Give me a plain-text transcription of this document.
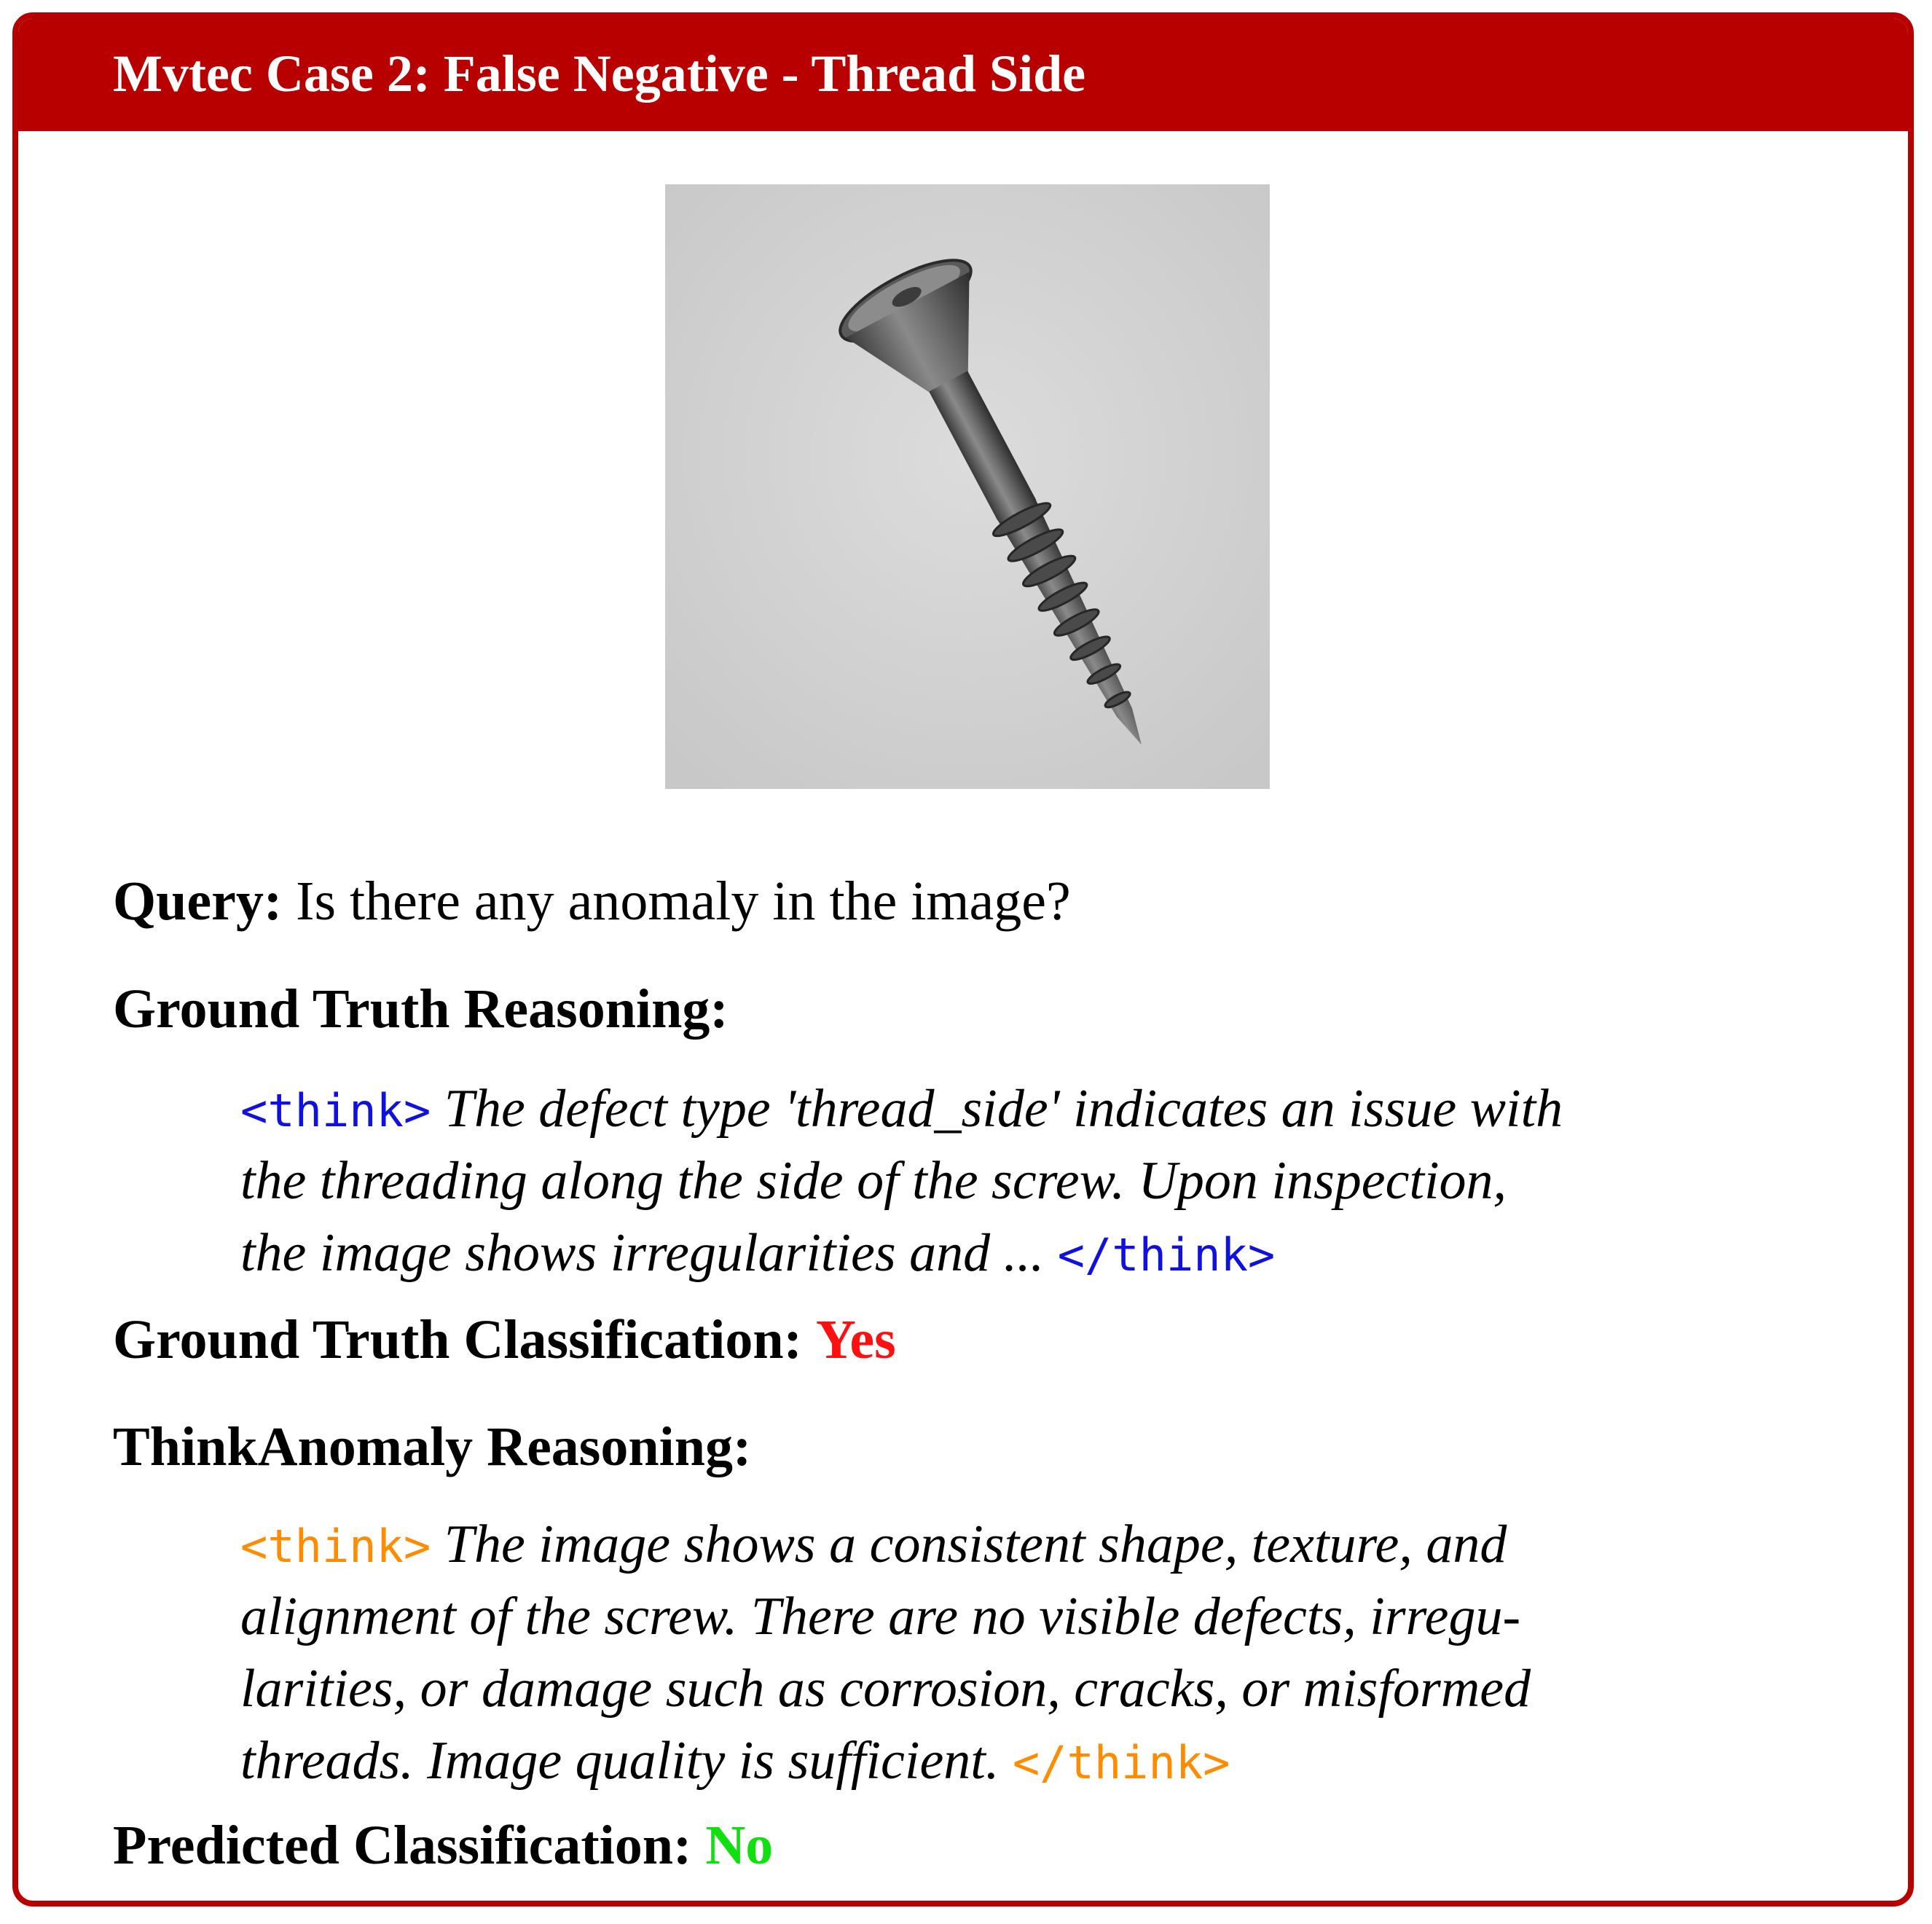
Mvtec Case 2: False Negative - Thread Side
Query: Is there any anomaly in the image?
Ground Truth Reasoning:
<think> The defect type 'thread_side' indicates an issue with
the threading along the side of the screw. Upon inspection,
the image shows irregularities and ... </think>
Ground Truth Classification: Yes
ThinkAnomaly Reasoning:
<think> The image shows a consistent shape, texture, and
alignment of the screw. There are no visible defects, irregu-
larities, or damage such as corrosion, cracks, or misformed
threads. Image quality is sufficient. </think>
Predicted Classification: No
